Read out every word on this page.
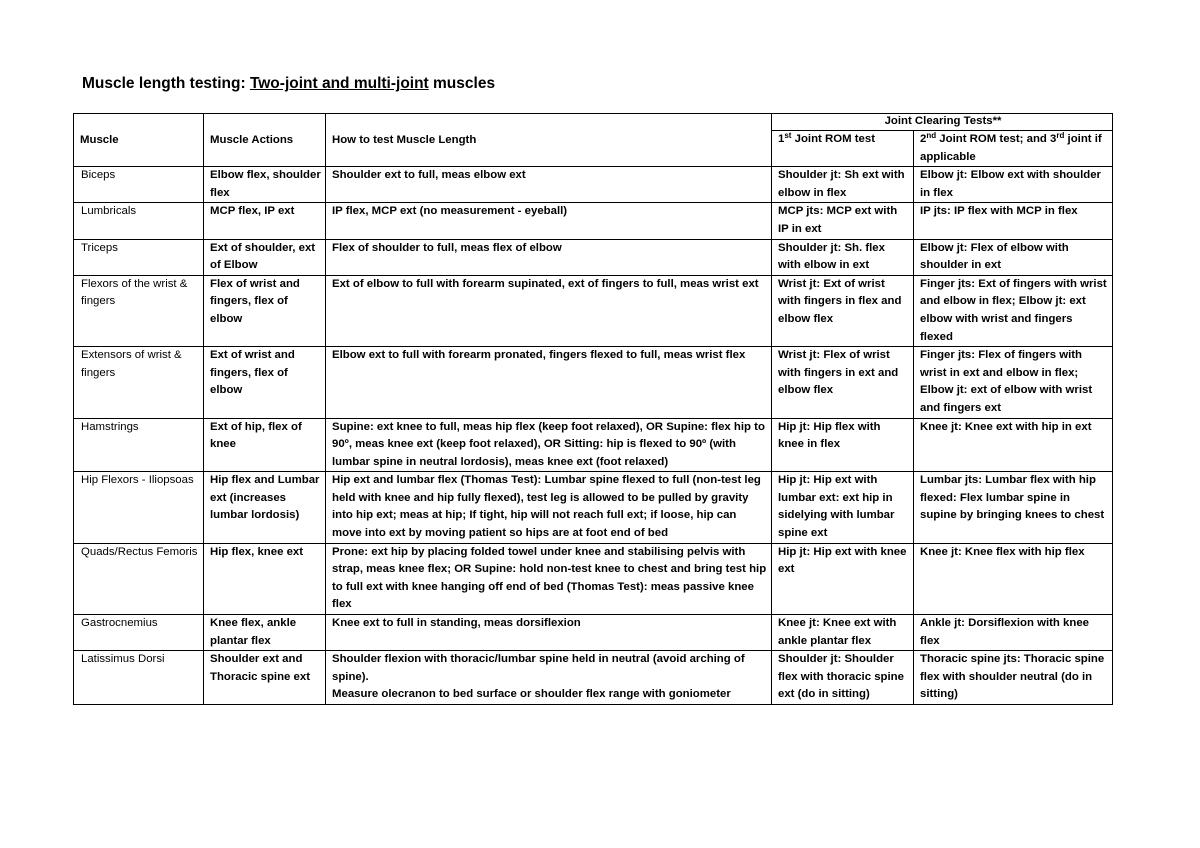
Muscle length testing: Two-joint and multi-joint muscles
Muscle	Muscle Actions	How to test Muscle Length	Joint Clearing Tests**	
			1st Joint ROM test	2nd Joint ROM test; and 3rd joint if applicable
Biceps	Elbow flex, shoulder flex	Shoulder ext to full, meas elbow ext	Shoulder jt: Sh ext with elbow in flex	Elbow jt: Elbow ext with shoulder in flex
Lumbricals	MCP flex, IP ext	IP flex, MCP ext (no measurement - eyeball)	MCP jts: MCP ext with IP in ext	IP jts: IP flex with MCP in flex
Triceps	Ext of shoulder, ext of Elbow	Flex of shoulder to full, meas flex of elbow	Shoulder jt: Sh. flex with elbow in ext	Elbow jt: Flex of elbow with shoulder in ext
Flexors of the wrist & fingers	Flex of wrist and fingers, flex of elbow	Ext of elbow to full with forearm supinated, ext of fingers to full, meas wrist ext	Wrist jt: Ext of wrist with fingers in flex and elbow flex	Finger jts: Ext of fingers with wrist and elbow in flex; Elbow jt: ext elbow with wrist and fingers flexed
Extensors of wrist & fingers	Ext of wrist and fingers, flex of elbow	Elbow ext to full with forearm pronated, fingers flexed to full, meas wrist flex	Wrist jt: Flex of wrist with fingers in ext and elbow flex	Finger jts: Flex of fingers with wrist in ext and elbow in flex; Elbow jt: ext of elbow with wrist and fingers ext
Hamstrings	Ext of hip, flex of knee	Supine: ext knee to full, meas hip flex (keep foot relaxed), OR Supine: flex hip to 90º, meas knee ext (keep foot relaxed), OR Sitting: hip is flexed to 90º (with lumbar spine in neutral lordosis), meas knee ext (foot relaxed)	Hip jt: Hip flex with knee in flex	Knee jt: Knee ext with hip in ext
Hip Flexors - Iliopsoas	Hip flex and Lumbar ext (increases lumbar lordosis)	Hip ext and lumbar flex (Thomas Test): Lumbar spine flexed to full (non-test leg held with knee and hip fully flexed), test leg is allowed to be pulled by gravity into hip ext; meas at hip; If tight, hip will not reach full ext; if loose, hip can move into ext by moving patient so hips are at foot end of bed	Hip jt: Hip ext with lumbar ext: ext hip in sidelying with lumbar spine ext	Lumbar jts: Lumbar flex with hip flexed: Flex lumbar spine in supine by bringing knees to chest
Quads/Rectus Femoris	Hip flex, knee ext	Prone: ext hip by placing folded towel under knee and stabilising pelvis with strap, meas knee flex; OR Supine: hold non-test knee to chest and bring test hip to full ext with knee hanging off end of bed (Thomas Test): meas passive knee flex	Hip jt: Hip ext with knee ext	Knee jt: Knee flex with hip flex
Gastrocnemius	Knee flex, ankle plantar flex	Knee ext to full in standing, meas dorsiflexion	Knee jt: Knee ext with ankle plantar flex	Ankle jt: Dorsiflexion with knee flex
Latissimus Dorsi	Shoulder ext and Thoracic spine ext	Shoulder flexion with thoracic/lumbar spine held in neutral (avoid arching of spine).
Measure olecranon to bed surface or shoulder flex range with goniometer	Shoulder jt: Shoulder flex with thoracic spine ext (do in sitting)	Thoracic spine jts: Thoracic spine flex with shoulder neutral (do in sitting)
